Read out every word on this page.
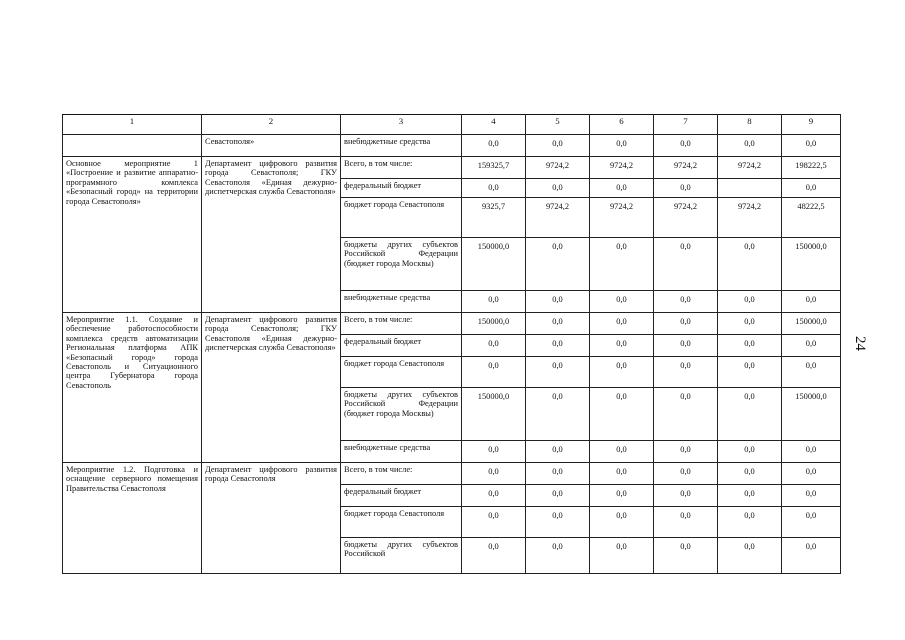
1	2	3	4	5	6	7	8	9
	Севастополя»	внебюджетные средства	0,0	0,0	0,0	0,0	0,0	0,0
Основное мероприятие 1 «Построение и развитие аппаратно-программного комплекса «Безопасный город» на территории города Севастополя»	Департамент цифрового развития города Севастополя; ГКУ Севастополя «Единая дежурно-диспетчерская служба Севастополя»	Всего, в том числе:	159325,7	9724,2	9724,2	9724,2	9724,2	198222,5
		федеральный бюджет	0,0	0,0	0,0	0,0		0,0
		бюджет города Севастополя	9325,7	9724,2	9724,2	9724,2	9724,2	48222,5
		бюджеты других субъектов Российской Федерации (бюджет города Москвы)	150000,0	0,0	0,0	0,0	0,0	150000,0
		внебюджетные средства	0,0	0,0	0,0	0,0	0,0	0,0
Мероприятие 1.1. Создание и обеспечение работоспособности комплекса средств автоматизации Региональная платформа АПК «Безопасный город» города Севастополь и Ситуационного центра Губернатора города Севастополь	Департамент цифрового развития города Севастополя; ГКУ Севастополя «Единая дежурно-диспетчерская служба Севастополя»	Всего, в том числе:	150000,0	0,0	0,0	0,0	0,0	150000,0
		федеральный бюджет	0,0	0,0	0,0	0,0	0,0	0,0
		бюджет города Севастополя	0,0	0,0	0,0	0,0	0,0	0,0
		бюджеты других субъектов Российской Федерации (бюджет города Москвы)	150000,0	0,0	0,0	0,0	0,0	150000,0
		внебюджетные средства	0,0	0,0	0,0	0,0	0,0	0,0
Мероприятие 1.2. Подготовка и оснащение серверного помещения Правительства Севастополя	Департамент цифрового развития города Севастополя	Всего, в том числе:	0,0	0,0	0,0	0,0	0,0	0,0
		федеральный бюджет	0,0	0,0	0,0	0,0	0,0	0,0
		бюджет города Севастополя	0,0	0,0	0,0	0,0	0,0	0,0
		бюджеты других субъектов Российской	0,0	0,0	0,0	0,0	0,0	0,0
24
